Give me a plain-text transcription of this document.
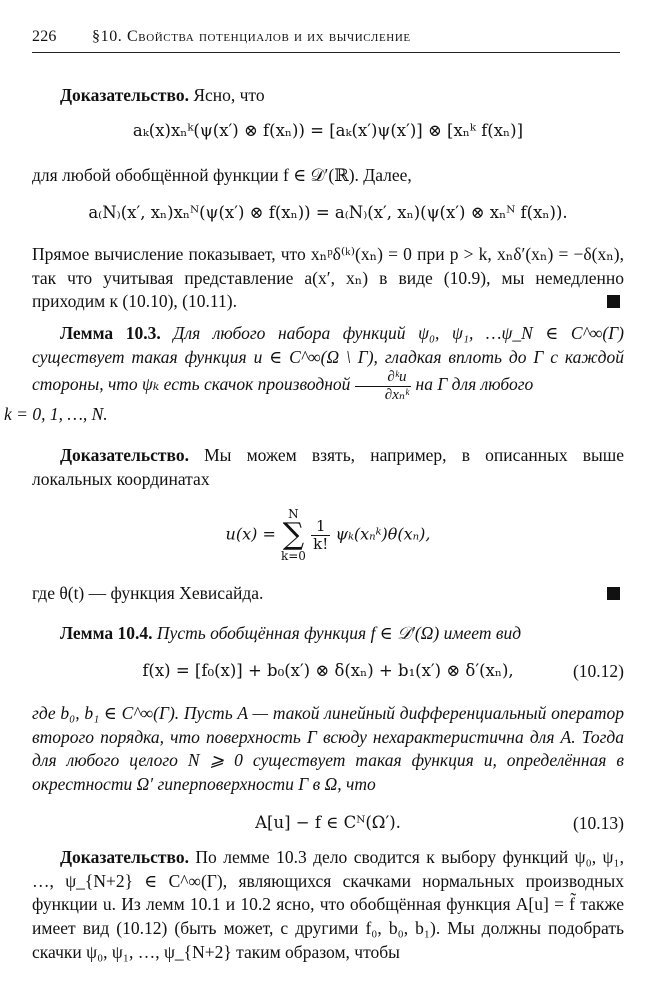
226	§10. Свойства потенциалов и их вычисление

Доказательство. Ясно, что

aₖ(x)xₙᵏ(ψ(x′) ⊗ f(xₙ)) = [aₖ(x′)ψ(x′)] ⊗ [xₙᵏ f(xₙ)]

для любой обобщённой функции f ∈ 𝒟′(ℝ). Далее,

a₍N₎(x′, xₙ)xₙᴺ(ψ(x′) ⊗ f(xₙ)) = a₍N₎(x′, xₙ)(ψ(x′) ⊗ xₙᴺ f(xₙ)).

Прямое вычисление показывает, что xₙᵖδ⁽ᵏ⁾(xₙ) = 0 при p > k, xₙδ′(xₙ) = −δ(xₙ), так что учитывая представление a(x′, xₙ) в виде (10.9), мы немедленно приходим к (10.10), (10.11).

Лемма 10.3. Для любого набора функций ψ₀, ψ₁, …ψ_N ∈ C^∞(Γ) существует такая функция u ∈ C^∞(Ω \ Γ), гладкая вплоть до Γ с каждой стороны, что ψₖ есть скачок производной $\frac{\text{∂ᵏu}}{\text{∂xₙᵏ}}$ на Γ для любого
k = 0, 1, …, N.

Доказательство. Мы можем взять, например, в описанных выше локальных координатах

u(x) =
N
∑
k=0

$\frac{1}{k!}$ ψₖ(xₙᵏ)θ(xₙ),

где θ(t) — функция Хевисайда.

Лемма 10.4. Пусть обобщённая функция f ∈ 𝒟′(Ω) имеет вид

f(x) = [f₀(x)] + b₀(x′) ⊗ δ(xₙ) + b₁(x′) ⊗ δ′(xₙ),	(10.12)

где b₀, b₁ ∈ C^∞(Γ). Пусть A — такой линейный дифференциальный оператор второго порядка, что поверхность Γ всюду нехарактеристична для A. Тогда для любого целого N ⩾ 0 существует такая функция u, определённая в окрестности Ω′ гиперповерхности Γ в Ω, что

A[u] − f ∈ Cᴺ(Ω′).	(10.13)

Доказательство. По лемме 10.3 дело сводится к выбору функций ψ₀, ψ₁, …, ψ_{N+2} ∈ C^∞(Γ), являющихся скачками нормальных производных функции u. Из лемм 10.1 и 10.2 ясно, что обобщённая функция A[u] = f̃ также имеет вид (10.12) (быть может, с другими f₀, b₀, b₁). Мы должны подобрать скачки ψ₀, ψ₁, …, ψ_{N+2} таким образом, чтобы
